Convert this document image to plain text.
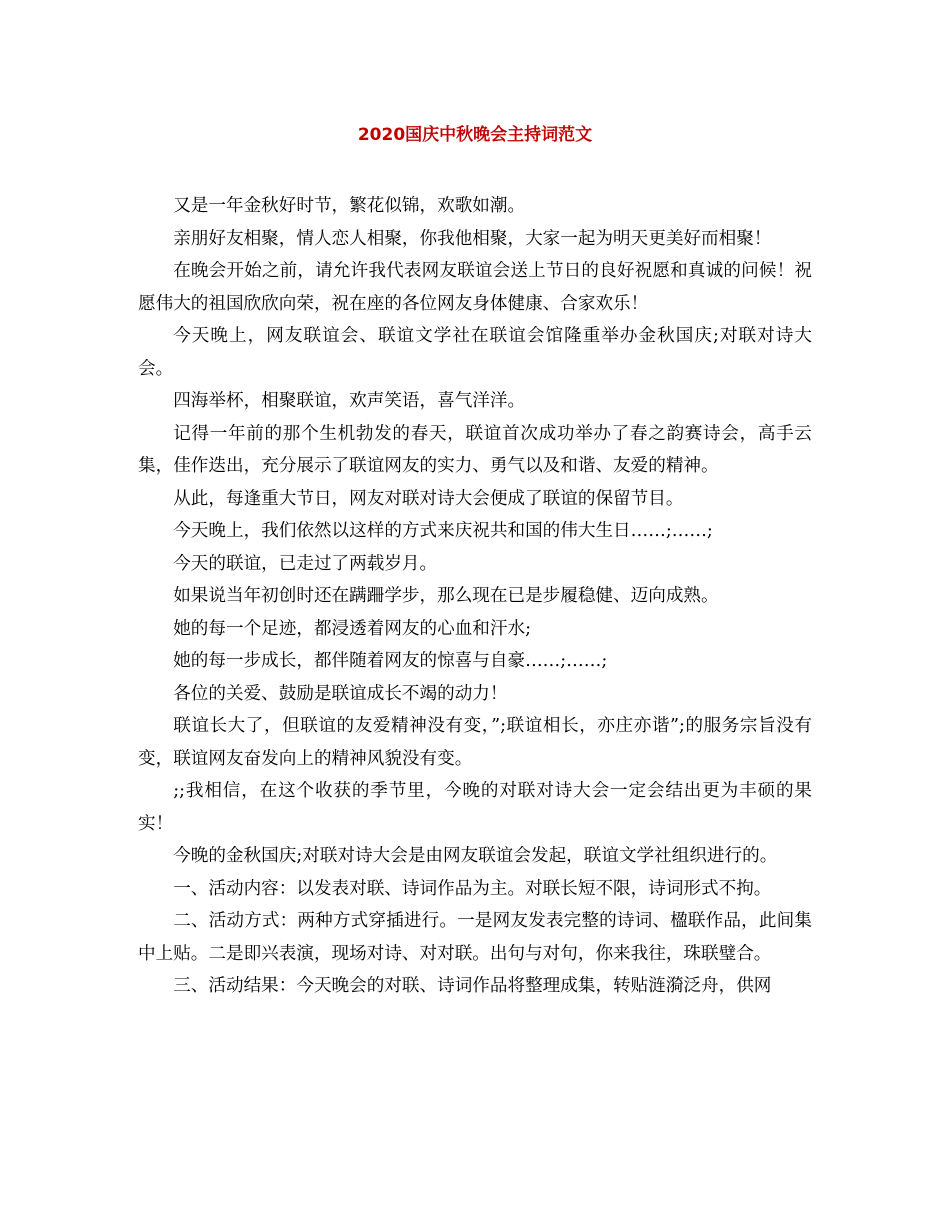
2020国庆中秋晚会主持词范文

又是一年金秋好时节，繁花似锦，欢歌如潮。

亲朋好友相聚，情人恋人相聚，你我他相聚，大家一起为明天更美好而相聚！

在晚会开始之前，请允许我代表网友联谊会送上节日的良好祝愿和真诚的问候！祝愿伟大的祖国欣欣向荣，祝在座的各位网友身体健康、合家欢乐！

今天晚上，网友联谊会、联谊文学社在联谊会馆隆重举办金秋国庆;对联对诗大会。

四海举杯，相聚联谊，欢声笑语，喜气洋洋。

记得一年前的那个生机勃发的春天，联谊首次成功举办了春之韵赛诗会，高手云集，佳作迭出，充分展示了联谊网友的实力、勇气以及和谐、友爱的精神。

从此，每逢重大节日，网友对联对诗大会便成了联谊的保留节目。

今天晚上，我们依然以这样的方式来庆祝共和国的伟大生日……;……;

今天的联谊，已走过了两载岁月。

如果说当年初创时还在蹒跚学步，那么现在已是步履稳健、迈向成熟。

她的每一个足迹，都浸透着网友的心血和汗水;

她的每一步成长，都伴随着网友的惊喜与自豪……;……;

各位的关爱、鼓励是联谊成长不竭的动力！

联谊长大了，但联谊的友爱精神没有变，”;联谊相长，亦庄亦谐”;的服务宗旨没有变，联谊网友奋发向上的精神风貌没有变。

;;我相信，在这个收获的季节里，今晚的对联对诗大会一定会结出更为丰硕的果实！

今晚的金秋国庆;对联对诗大会是由网友联谊会发起，联谊文学社组织进行的。

一、活动内容：以发表对联、诗词作品为主。对联长短不限，诗词形式不拘。

二、活动方式：两种方式穿插进行。一是网友发表完整的诗词、楹联作品，此间集中上贴。二是即兴表演，现场对诗、对对联。出句与对句，你来我往，珠联璧合。

三、活动结果：今天晚会的对联、诗词作品将整理成集，转贴涟漪泛舟，供网
